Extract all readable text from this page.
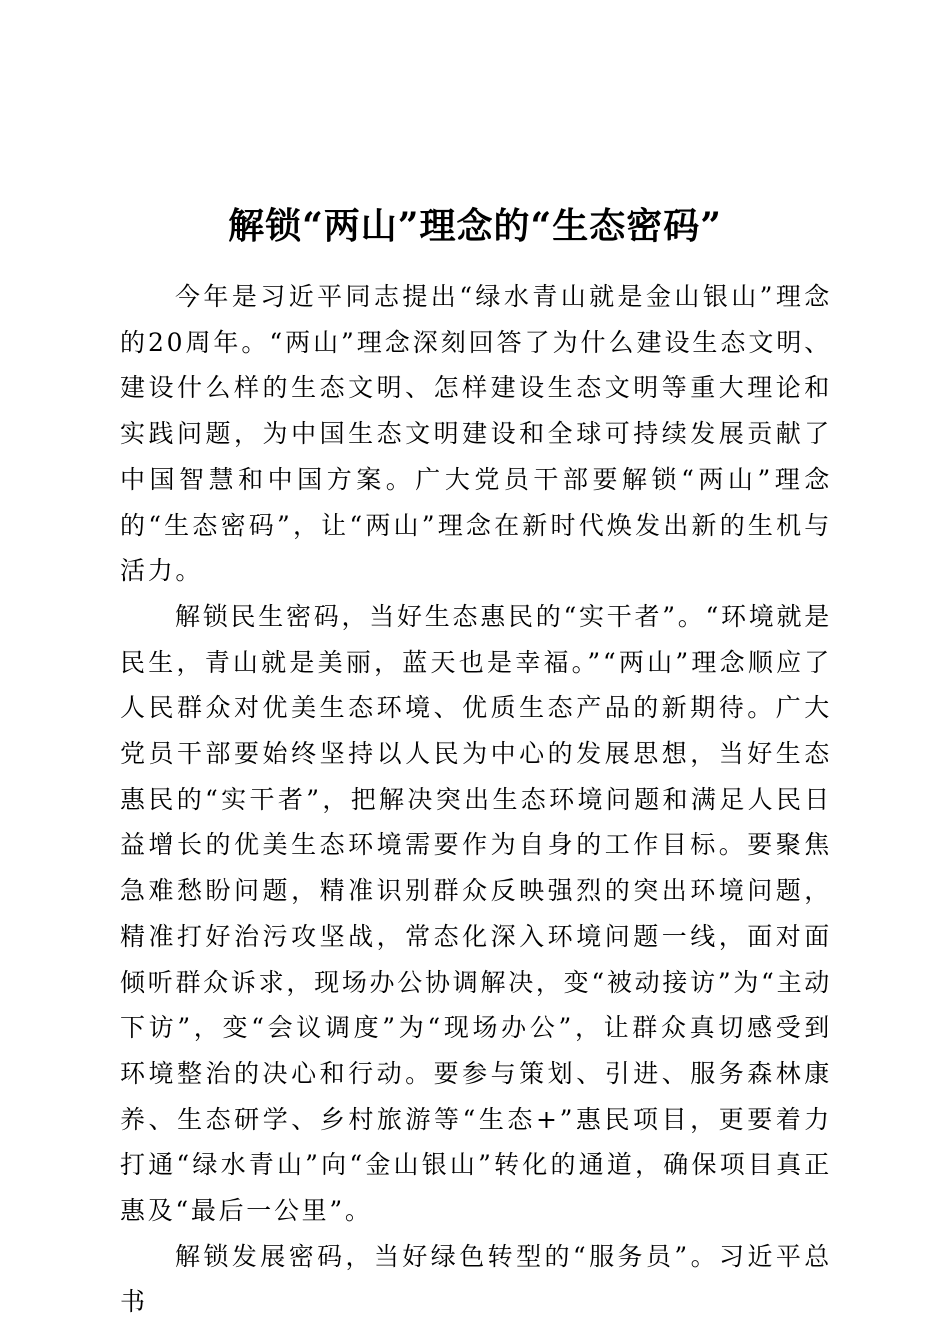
解锁“两山”理念的“生态密码”

今年是习近平同志提出“绿水青山就是金山银山”理念的20周年。“两山”理念深刻回答了为什么建设生态文明、建设什么样的生态文明、怎样建设生态文明等重大理论和实践问题，为中国生态文明建设和全球可持续发展贡献了中国智慧和中国方案。广大党员干部要解锁“两山”理念的“生态密码”，让“两山”理念在新时代焕发出新的生机与活力。

解锁民生密码，当好生态惠民的“实干者”。“环境就是民生，青山就是美丽，蓝天也是幸福。”“两山”理念顺应了人民群众对优美生态环境、优质生态产品的新期待。广大党员干部要始终坚持以人民为中心的发展思想，当好生态惠民的“实干者”，把解决突出生态环境问题和满足人民日益增长的优美生态环境需要作为自身的工作目标。要聚焦急难愁盼问题，精准识别群众反映强烈的突出环境问题，精准打好治污攻坚战，常态化深入环境问题一线，面对面倾听群众诉求，现场办公协调解决，变“被动接访”为“主动下访”，变“会议调度”为“现场办公”，让群众真切感受到环境整治的决心和行动。要参与策划、引进、服务森林康养、生态研学、乡村旅游等“生态+”惠民项目，更要着力打通“绿水青山”向“金山银山”转化的通道，确保项目真正惠及“最后一公里”。

解锁发展密码，当好绿色转型的“服务员”。习近平总书
